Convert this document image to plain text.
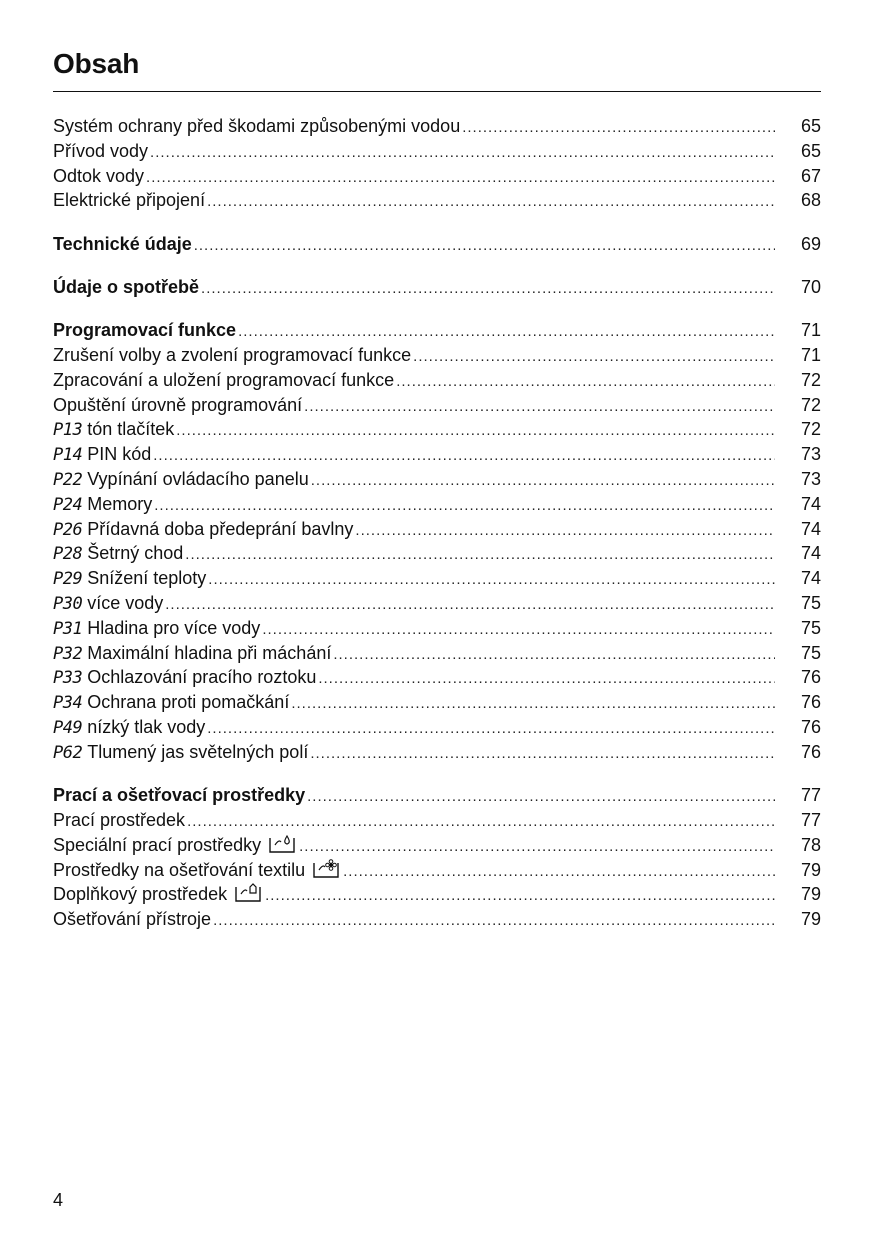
Obsah
Systém ochrany před škodami způsobenými vodou .....	65
Přívod vody .....	65
Odtok vody .....	67
Elektrické připojení .....	68
Technické údaje .....	69
Údaje o spotřebě .....	70
Programovací funkce .....	71
Zrušení volby a zvolení programovací funkce .....	71
Zpracování a uložení programovací funkce .....	72
Opuštění úrovně programování .....	72
P13 tón tlačítek .....	72
P14 PIN kód .....	73
P22 Vypínání ovládacího panelu .....	73
P24 Memory .....	74
P26 Přídavná doba předeprání bavlny .....	74
P28 Šetrný chod .....	74
P29 Snížení teploty .....	74
P30 více vody .....	75
P31 Hladina pro více vody .....	75
P32 Maximální hladina při máchání .....	75
P33 Ochlazování pracího roztoku .....	76
P34 Ochrana proti pomačkání .....	76
P49 nízký tlak vody .....	76
P62 Tlumený jas světelných polí .....	76
Prací a ošetřovací prostředky .....	77
Prací prostředek .....	77
Speciální prací prostředky .....	78
Prostředky na ošetřování textilu .....	79
Doplňkový prostředek .....	79
Ošetřování přístroje .....	79
4
